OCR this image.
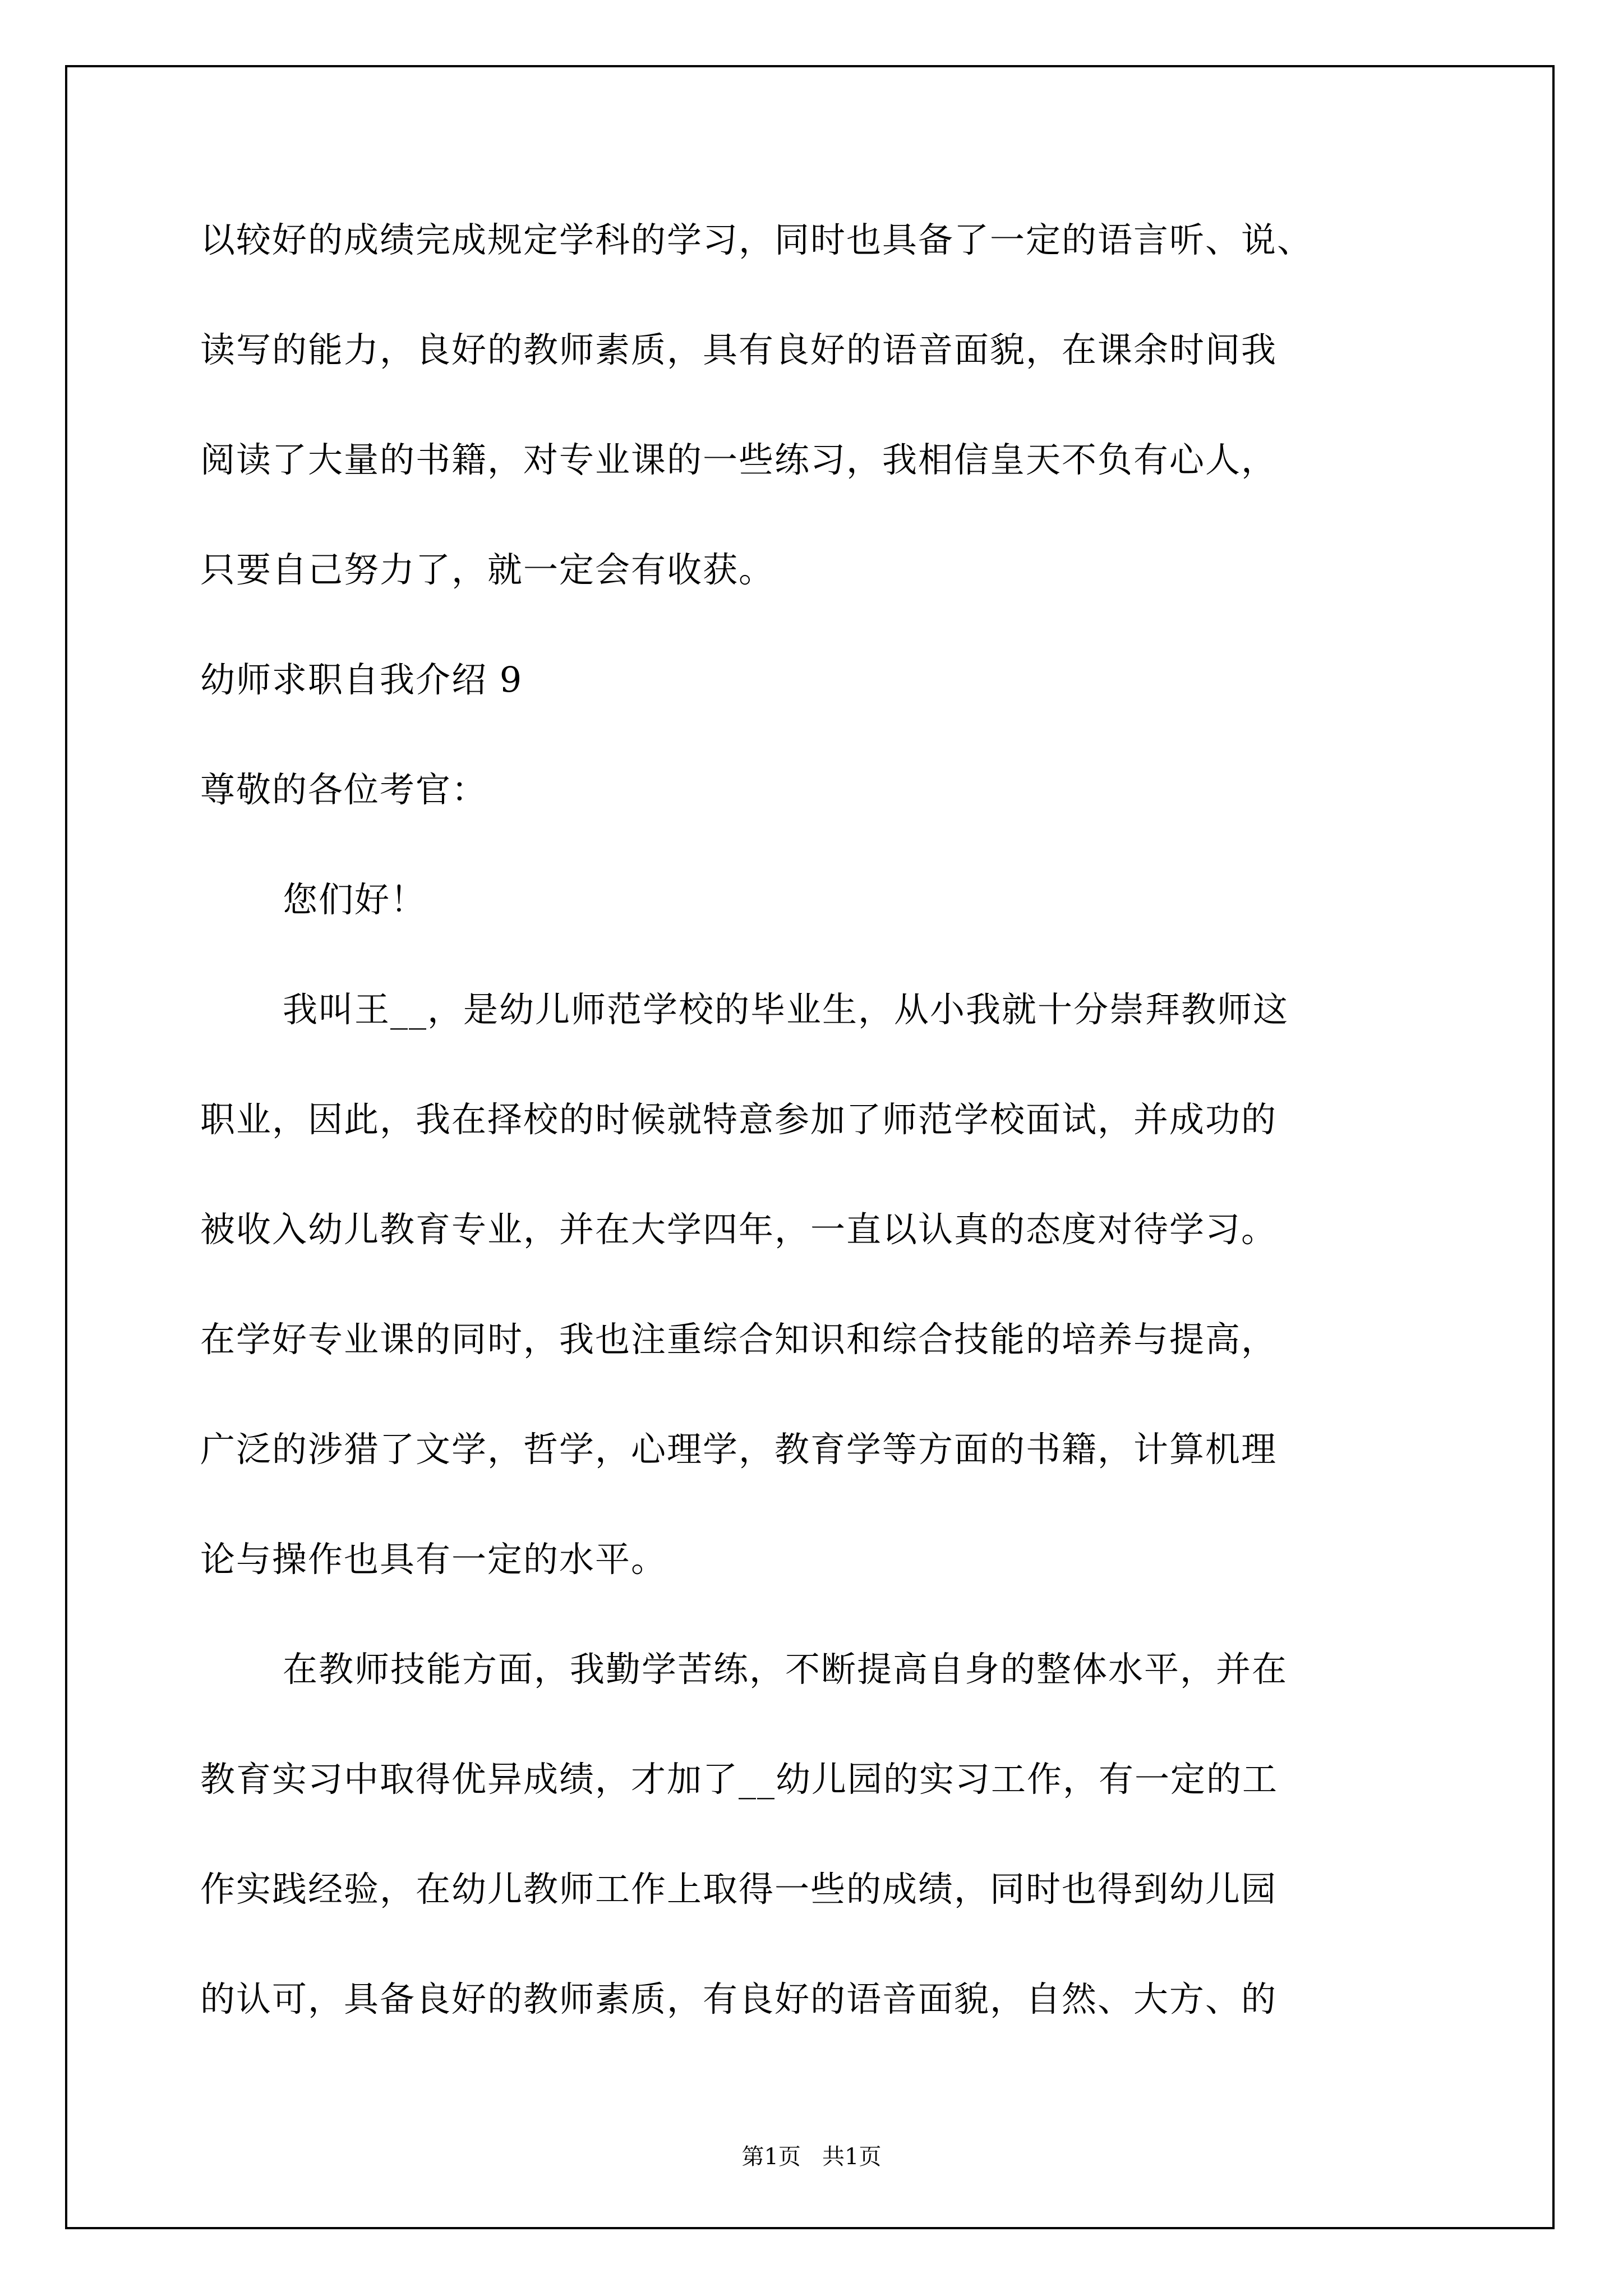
以较好的成绩完成规定学科的学习，同时也具备了一定的语言听、说、
读写的能力，良好的教师素质，具有良好的语音面貌，在课余时间我
阅读了大量的书籍，对专业课的一些练习，我相信皇天不负有心人，
只要自己努力了，就一定会有收获。
幼师求职自我介绍 9
尊敬的各位考官：
您们好！
我叫王__，是幼儿师范学校的毕业生，从小我就十分崇拜教师这
职业，因此，我在择校的时候就特意参加了师范学校面试，并成功的
被收入幼儿教育专业，并在大学四年，一直以认真的态度对待学习。
在学好专业课的同时，我也注重综合知识和综合技能的培养与提高，
广泛的涉猎了文学，哲学，心理学，教育学等方面的书籍，计算机理
论与操作也具有一定的水平。
在教师技能方面，我勤学苦练，不断提高自身的整体水平，并在
教育实习中取得优异成绩，才加了__幼儿园的实习工作，有一定的工
作实践经验，在幼儿教师工作上取得一些的成绩，同时也得到幼儿园
的认可，具备良好的教师素质，有良好的语音面貌，自然、大方、的
第1页   共1页
